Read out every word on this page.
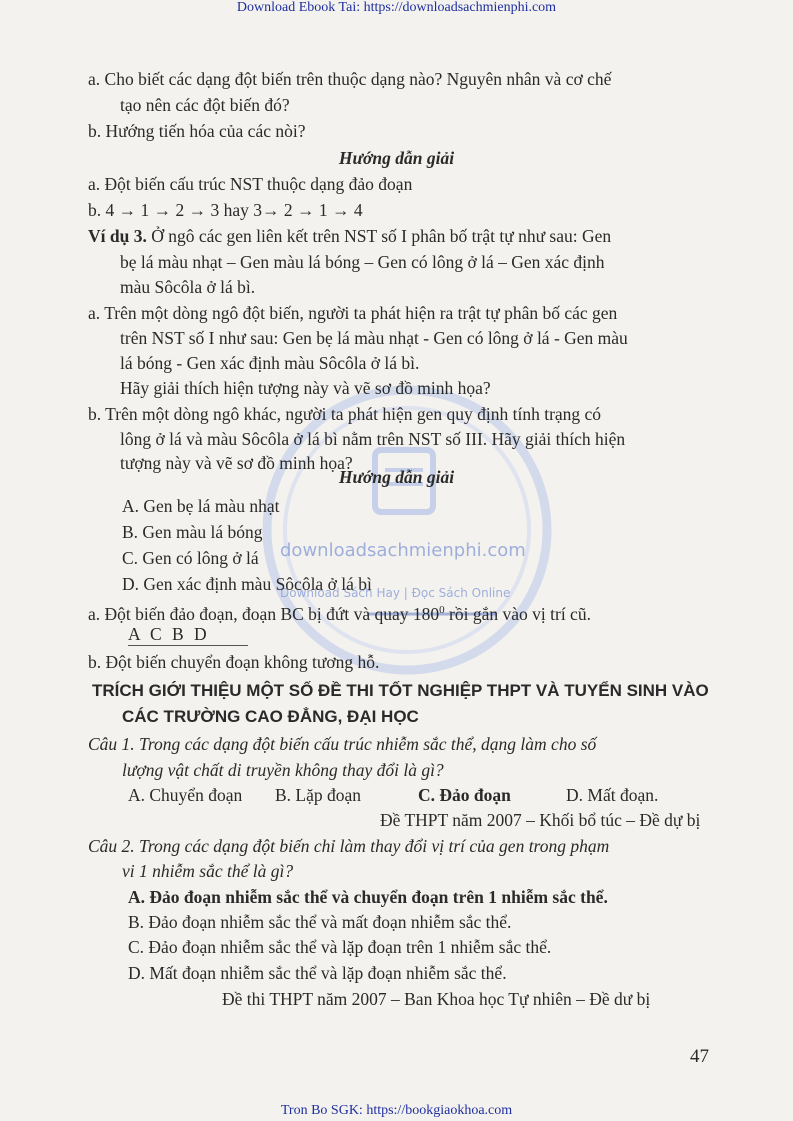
Download Ebook Tai: https://downloadsachmienphi.com
downloadsachmienphi.com
Download Sách Hay | Đọc Sách Online
a. Cho biết các dạng đột biến trên thuộc dạng nào? Nguyên nhân và cơ chế
tạo nên các đột biến đó?
b. Hướng tiến hóa của các nòi?
Hướng dẫn giải
a. Đột biến cấu trúc NST thuộc dạng đảo đoạn
b. 4 → 1 → 2 → 3 hay 3→ 2 → 1 → 4
Ví dụ 3. Ở ngô các gen liên kết trên NST số I phân bố trật tự như sau: Gen
bẹ lá màu nhạt – Gen màu lá bóng – Gen có lông ở lá – Gen xác định
màu Sôcôla ở lá bì.
a. Trên một dòng ngô đột biến, người ta phát hiện ra trật tự phân bố các gen
trên NST số I như sau: Gen bẹ lá màu nhạt - Gen có lông ở lá - Gen màu
lá bóng - Gen xác định màu Sôcôla ở lá bì.
Hãy giải thích hiện tượng này và vẽ sơ đồ minh họa?
b. Trên một dòng ngô khác, người ta phát hiện gen quy định tính trạng có
lông ở lá và màu Sôcôla ở lá bì nằm trên NST số III. Hãy giải thích hiện
tượng này và vẽ sơ đồ minh họa?
Hướng dẫn giải
A. Gen bẹ lá màu nhạt
B. Gen màu lá bóng
C. Gen có lông ở lá
D. Gen xác định màu Sôcôla ở lá bì
a. Đột biến đảo đoạn, đoạn BC bị đứt và quay $180^0$ rồi gắn vào vị trí cũ.
A C B D
b. Đột biến chuyển đoạn không tương hỗ.
TRÍCH GIỚI THIỆU MỘT SỐ ĐỀ THI TỐT NGHIỆP THPT VÀ TUYỂN SINH VÀO
CÁC TRƯỜNG CAO ĐẲNG, ĐẠI HỌC
Câu 1. Trong các dạng đột biến cấu trúc nhiễm sắc thể, dạng làm cho số
lượng vật chất di truyền không thay đổi là gì?
A. Chuyển đoạn B. Lặp đoạn	C. Đảo đoạn	D. Mất đoạn.
Đề THPT năm 2007 – Khối bổ túc – Đề dự bị
Câu 2. Trong các dạng đột biến chỉ làm thay đổi vị trí của gen trong phạm
vi 1 nhiễm sắc thể là gì?
A. Đảo đoạn nhiễm sắc thể và chuyển đoạn trên 1 nhiễm sắc thể.
B. Đảo đoạn nhiễm sắc thể và mất đoạn nhiễm sắc thể.
C. Đảo đoạn nhiễm sắc thể và lặp đoạn trên 1 nhiễm sắc thể.
D. Mất đoạn nhiễm sắc thể và lặp đoạn nhiễm sắc thể.
Đề thi THPT năm 2007 – Ban Khoa học Tự nhiên – Đề dư bị
47
Tron Bo SGK: https://bookgiaokhoa.com
